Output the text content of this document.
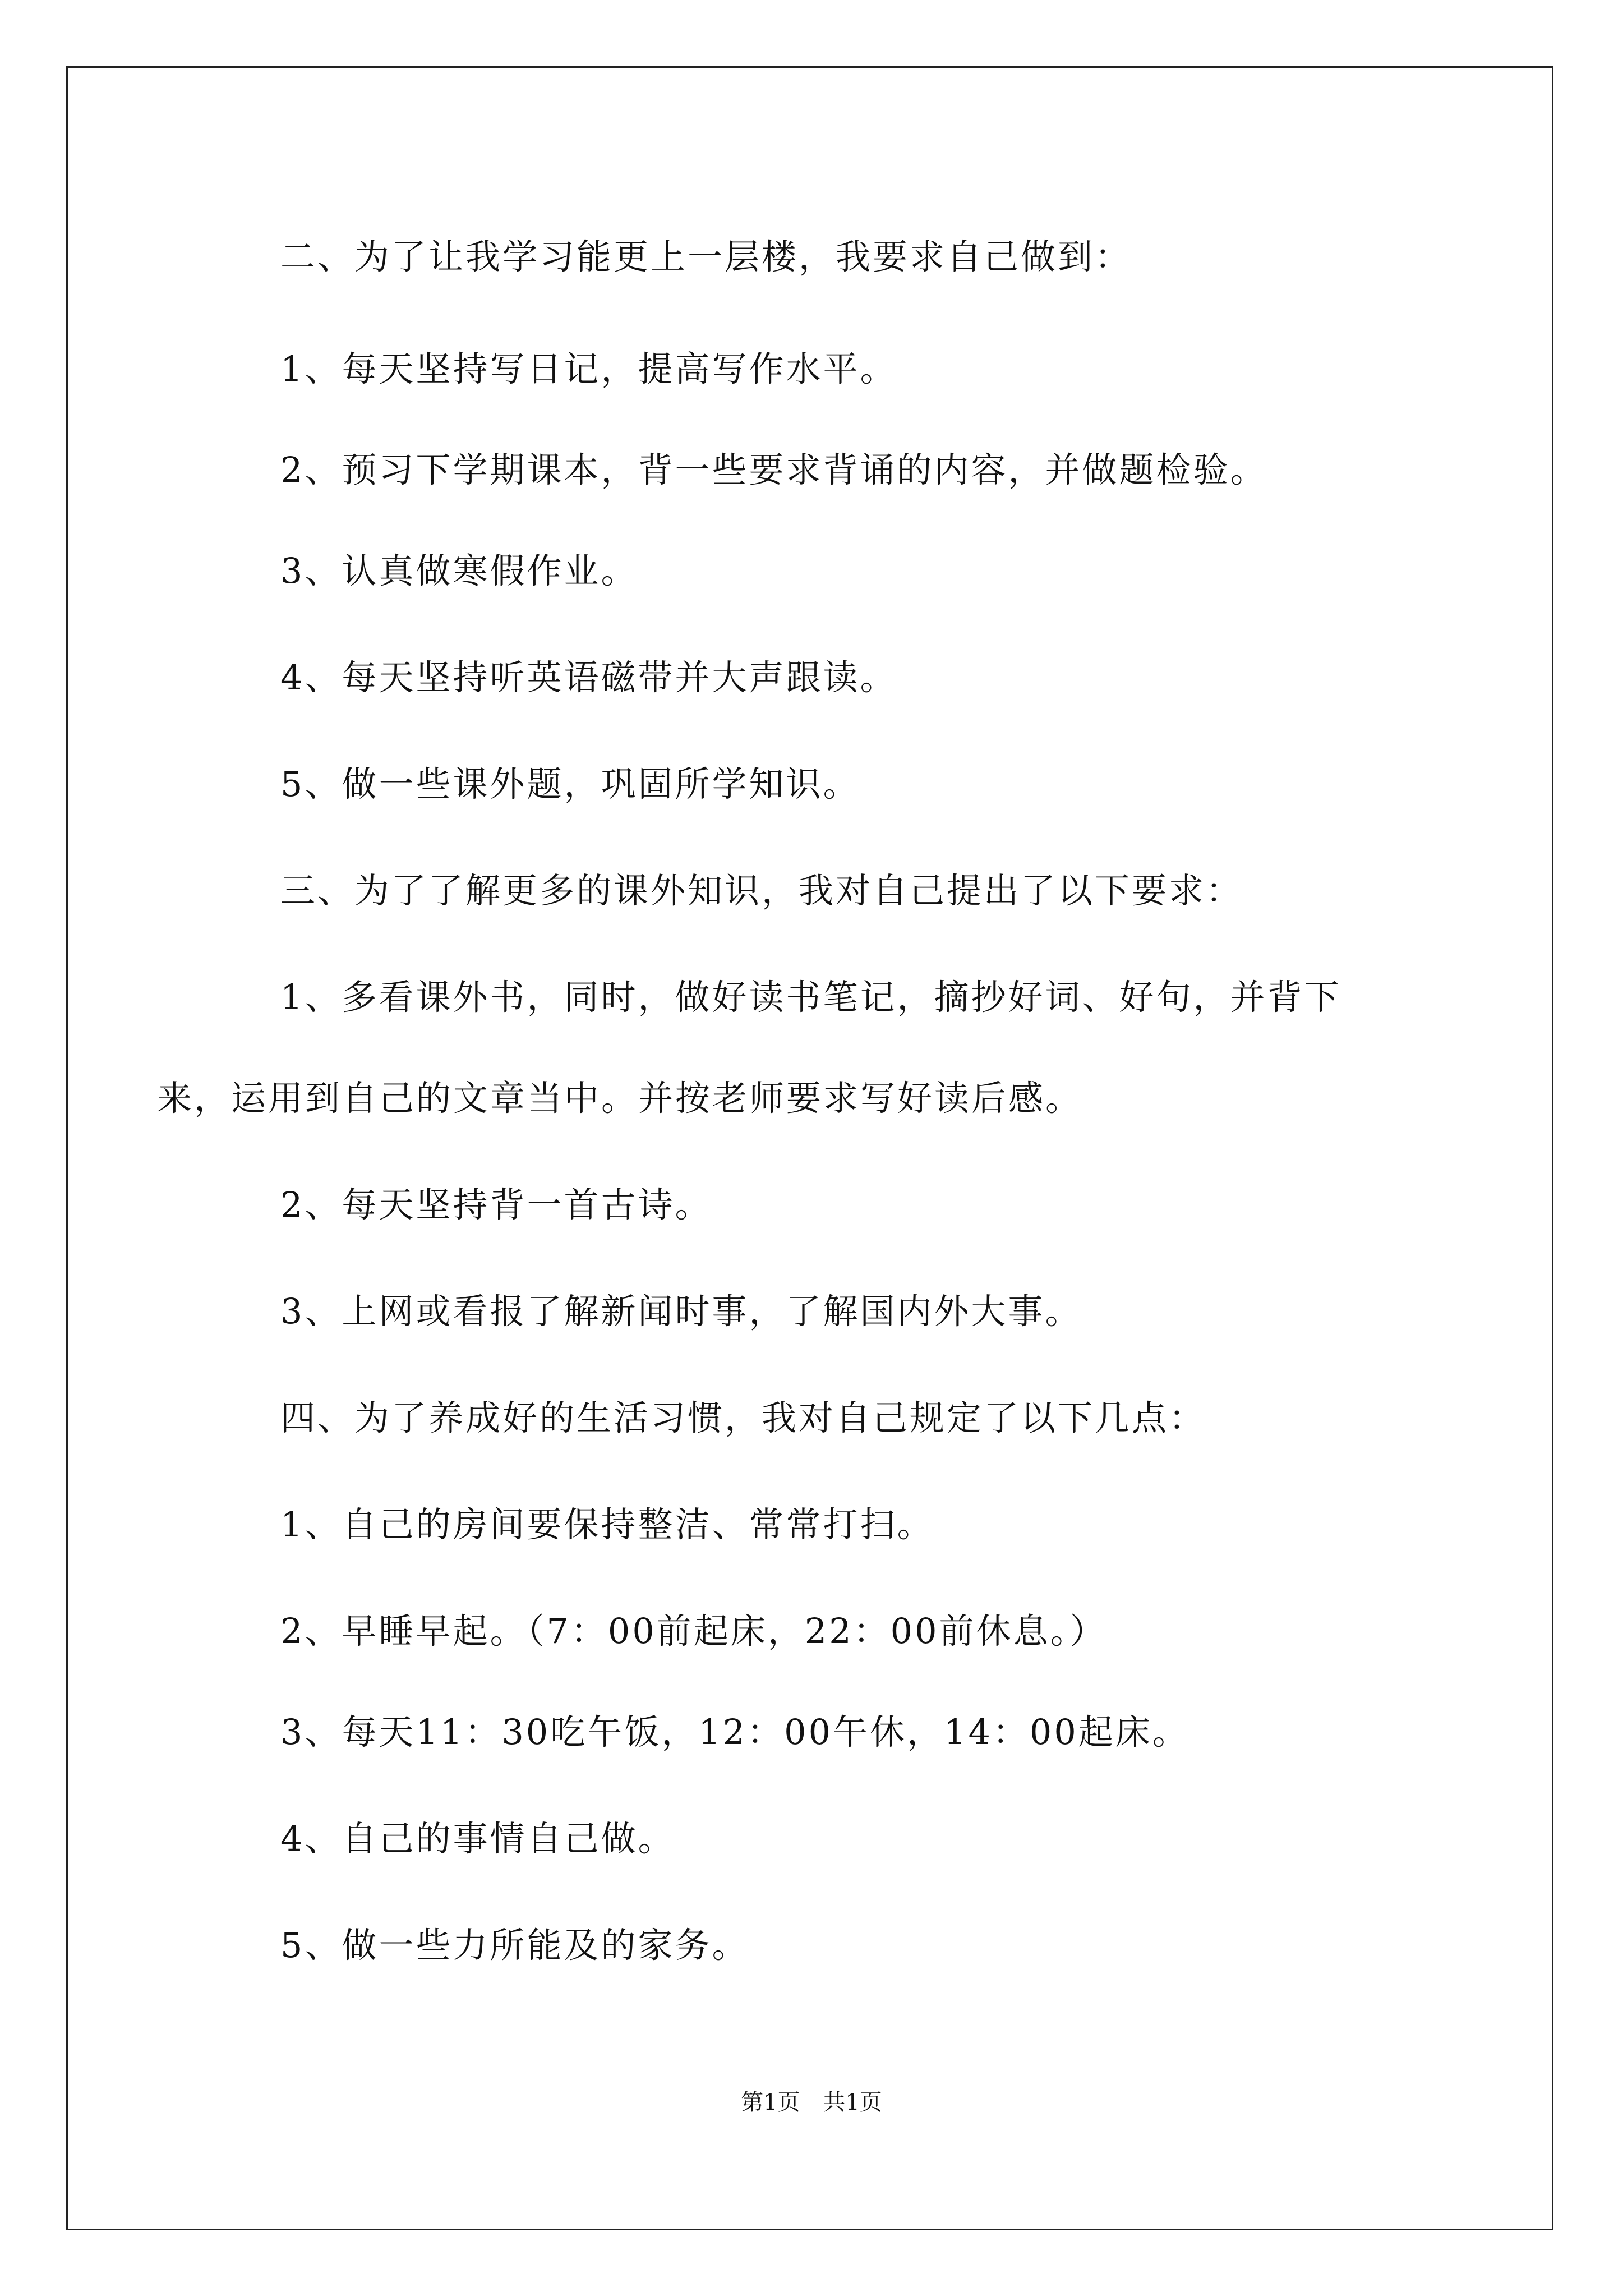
二、为了让我学习能更上一层楼，我要求自己做到：
1、每天坚持写日记，提高写作水平。
2、预习下学期课本，背一些要求背诵的内容，并做题检验。
3、认真做寒假作业。
4、每天坚持听英语磁带并大声跟读。
5、做一些课外题，巩固所学知识。
三、为了了解更多的课外知识，我对自己提出了以下要求：
1、多看课外书，同时，做好读书笔记，摘抄好词、好句，并背下
来，运用到自己的文章当中。并按老师要求写好读后感。
2、每天坚持背一首古诗。
3、上网或看报了解新闻时事，了解国内外大事。
四、为了养成好的生活习惯，我对自己规定了以下几点：
1、自己的房间要保持整洁、常常打扫。
2、早睡早起。（7：00前起床，22：00前休息。）
3、每天11：30吃午饭，12：00午休，14：00起床。
4、自己的事情自己做。
5、做一些力所能及的家务。
第1页 共1页
